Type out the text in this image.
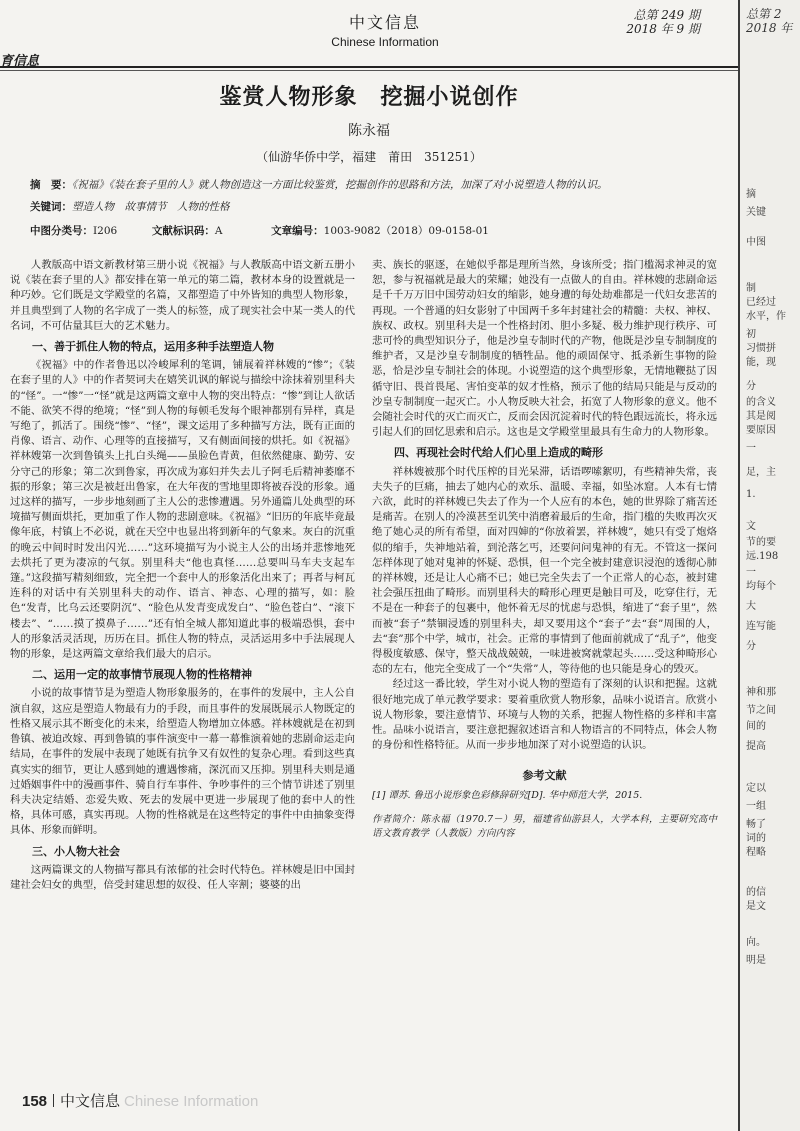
育信息
中文信息
Chinese Information
总第 249 期
2018 年 9 期
鉴赏人物形象　挖掘小说创作
陈永福
（仙游华侨中学，福建　莆田　351251）
摘　要：《祝福》《装在套子里的人》就人物创造这一方面比较鉴赏，挖掘创作的思路和方法，加深了对小说塑造人物的认识。
关键词：塑造人物　故事情节　人物的性格
中图分类号：I206	文献标识码：A	文章编号：1003-9082（2018）09-0158-01

人教版高中语文新教材第三册小说《祝福》与人教版高中语文新五册小说《装在套子里的人》都安排在第一单元的第二篇，教材本身的设置就是一种巧妙。它们既是文学殿堂的名篇，又都塑造了中外皆知的典型人物形象，并且典型到了人物的名字成了一类人的标签，成了现实社会中某一类人的代名词，不可估量其巨大的艺术魅力。

一、善于抓住人物的特点，运用多种手法塑造人物

《祝福》中的作者鲁迅以冷峻犀利的笔调，铺展着祥林嫂的“惨”；《装在套子里的人》中的作者契诃夫在嬉笑讥讽的解说与描绘中涂抹着别里科夫的“怪”。一“惨”一“怪”就是这两篇文章中人物的突出特点：“惨”到让人欲话不能、欲笑不得的绝境；“怪”到人物的每顿毛发每个眼神都别有异样，真是写绝了，抓活了。围绕“惨”、“怪”，课文运用了多种描写方法，既有正面的肖像、语言、动作、心理等的直接描写，又有侧面间接的烘托。如《祝福》祥林嫂第一次到鲁镇头上扎白头绳——虽脸色青黄，但依然健康、勤劳、安分守己的形象；第二次到鲁家，再次成为寡妇并失去儿子阿毛后精神萎靡不振的形象；第三次是被赶出鲁家，在大年夜的雪地里即将被吞没的形象。通过这样的描写，一步步地刻画了主人公的悲惨遭遇。另外通篇儿处典型的环境描写侧面烘托，更加重了作人物的悲剧意味。《祝福》“旧历的年底毕竟最像年底，村镇上不必说，就在天空中也显出将到新年的气象来。灰白的沉重的晚云中间时时发出闪光……”这环境描写为小说主人公的出场并悲惨地死去烘托了更为凄凉的气氛。别里科夫“他也真怪……总要叫马车夫支起车篷。”这段描写精刻细致，完全把一个套中人的形象活化出来了；再者与柯瓦连科的对话中有关别里科夫的动作、语言、神态、心理的描写，如：脸色“发青，比乌云还要阴沉”、“脸色从发青变成发白”、“脸色苍白”、“滚下楼去”、“……摸了摸鼻子……”还有怕全城人都知道此事的极端恐惧，套中人的形象活灵活现，历历在目。抓住人物的特点，灵活运用多中手法展现人物的形象，是这两篇文章给我们最大的启示。

二、运用一定的故事情节展现人物的性格精神

小说的故事情节是为塑造人物形象服务的，在事件的发展中，主人公自演自叙，这应是塑造人物最有力的手段，而且事件的发展既展示人物既定的性格又展示其不断变化的未来，给塑造人物增加立体感。祥林嫂就是在初到鲁镇、被迫改嫁、再到鲁镇的事件演变中一幕一幕惟演着她的悲剧命运走向结局，在事件的发展中表现了她既有抗争又有奴性的复杂心理。看到这些真真实实的细节，更让人感到她的遭遇惨痛，深沉而又压抑。别里科夫则是通过婚姻事件中的漫画事件、骑自行车事件、争吵事件的三个情节讲述了别里科夫决定结婚、恋爱失败、死去的发展中更进一步展现了他的套中人的性格，具体可感，真实再现。人物的性格就是在这些特定的事件中由抽象变得具体、形象而鲜明。

三、小人物大社会

这两篇课文的人物描写都具有浓郁的社会时代特色。祥林嫂是旧中国封建社会妇女的典型，倍受封建思想的奴役、任人宰割；婆婆的出

卖、族长的驱逐，在她似乎都是理所当然，身该所受；指门槛渴求神灵的宽恕，参与祝福就是最大的荣耀；她没有一点做人的自由。祥林嫂的悲剧命运是千千万万旧中国劳动妇女的缩影，她身遭的每处劫难都是一代妇女悲苦的再现。一个普通的妇女影射了中国两千多年封建社会的精髓：夫权、神权、族权、政权。别里科夫是一个性格封闭、胆小多疑、极力维护现行秩序、可悲可怜的典型知识分子，他是沙皇专制时代的产物，他既是沙皇专制制度的维护者，又是沙皇专制制度的牺牲品。他的顽固保守、抵杀新生事物的险恶，恰是沙皇专制社会的体现。小说塑造的这个典型形象，无情地鞭挞了因循守旧、畏首畏尾、害怕变革的奴才性格，预示了他的结局只能是与反动的沙皇专制制度一起灭亡。小人物反映大社会，拓宽了人物形象的意义。他不会随社会时代的灭亡而灭亡，反而会因沉淀着时代的特色跟远流长，将永远引起人们的回忆思索和启示。这也是文学殿堂里最具有生命力的人物形象。

四、再现社会时代给人们心里上造成的畸形

祥林嫂被那个时代压榨的目光呆滞，话语啰嗦絮叨，有些精神失常，丧夫失子的巨痛，抽去了她内心的欢乐、温暖、幸福，如坠冰窟。人本有七情六欲，此时的祥林嫂已失去了作为一个人应有的本色，她的世界除了痛苦还是痛苦。在别人的冷漠甚至讥笑中消磨着最后的生命，指门槛的失败再次灭绝了她心灵的所有希望，面对四婶的“你放着罢，祥林嫂”，她只有受了炮烙似的缩手，失神地站着，到沦落乞丐，还要问问鬼神的有无。不管这一探问怎样体现了她对鬼神的怀疑、恐惧，但一个完全被封建意识浸泡的透彻心肺的祥林嫂，还是让人心痛不已；她已完全失去了一个正常人的心态，被封建社会强压扭曲了畸形。而别里科夫的畸形心理更是触目可及，吃穿住行，无不是在一种套子的包裹中，他怀着无尽的忧虑与恐惧，缩进了“套子里”，然而被“套子”禁锢浸透的别里科夫，却又要用这个“套子”去“套”周围的人，去“套”那个中学，城市，社会。正常的事情到了他面前就成了“乱子”，他变得极度敏感、保守，整天战战兢兢，一味进被窝就蒙起头……受这种畸形心态的左右，他完全变成了一个“失常”人，等待他的也只能是身心的毁灭。

经过这一番比较，学生对小说人物的塑造有了深刻的认识和把握。这就很好地完成了单元教学要求：要着重欣赏人物形象，品味小说语言。欣赏小说人物形象，要注意情节、环境与人物的关系，把握人物性格的多样和丰富性。品味小说语言，要注意把握叙述语言和人物语言的不同特点，体会人物的身份和性格特征。从而一步步地加深了对小说塑造的认识。

参考文献
[1] 谭苏. 鲁迅小说形象色彩修辞研究[D]. 华中师范大学，2015.
作者简介：陈永福（1970.7－）男，福建省仙游县人，大学本科，主要研究高中语文教育教学（人教版）方向内容
158 中文信息 Chinese Information
总第 2
2018 年
摘
关键
中图
制
已经过
水平，作
初
习惯拼
能，现
分
的含义
其是阅
要原因
一
足，主
1.
文
节的要
远.198
一
均每个
大
连写能
分
神和那
节之间
间的
提高
定以
一组
畅了
词的
程略
的信
是文
向。
明是
